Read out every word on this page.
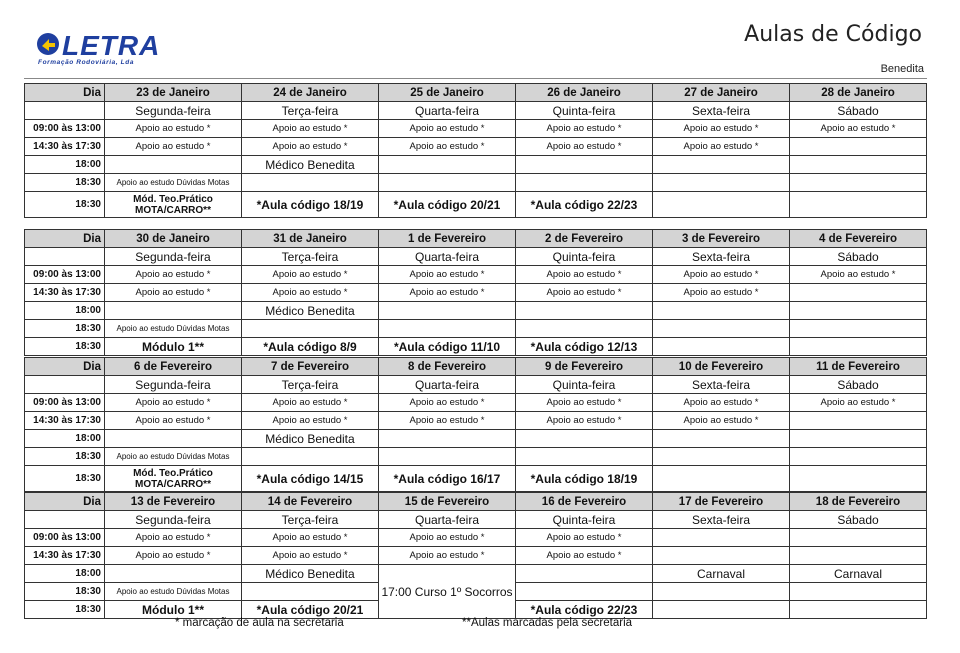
LETRA
Formação Rodoviária, Lda
Aulas de Código
Benedita
Dia	23 de Janeiro	24 de Janeiro	25 de Janeiro	26 de Janeiro	27 de Janeiro	28 de Janeiro
	Segunda-feira	Terça-feira	Quarta-feira	Quinta-feira	Sexta-feira	Sábado
09:00 às 13:00	Apoio ao estudo *	Apoio ao estudo *	Apoio ao estudo *	Apoio ao estudo *	Apoio ao estudo *	Apoio ao estudo *
14:30 às 17:30	Apoio ao estudo *	Apoio ao estudo *	Apoio ao estudo *	Apoio ao estudo *	Apoio ao estudo *	
18:00		Médico Benedita				
18:30	Apoio ao estudo Dúvidas Motas					
18:30	Mód. Teo.Prático
MOTA/CARRO**	*Aula código 18/19	*Aula código 20/21	*Aula código 22/23		
Dia	30 de Janeiro	31 de Janeiro	1 de Fevereiro	2 de Fevereiro	3 de Fevereiro	4 de Fevereiro
	Segunda-feira	Terça-feira	Quarta-feira	Quinta-feira	Sexta-feira	Sábado
09:00 às 13:00	Apoio ao estudo *	Apoio ao estudo *	Apoio ao estudo *	Apoio ao estudo *	Apoio ao estudo *	Apoio ao estudo *
14:30 às 17:30	Apoio ao estudo *	Apoio ao estudo *	Apoio ao estudo *	Apoio ao estudo *	Apoio ao estudo *	
18:00		Médico Benedita				
18:30	Apoio ao estudo Dúvidas Motas					
18:30	Módulo 1**	*Aula código 8/9	*Aula código 11/10	*Aula código 12/13		
Dia	6 de Fevereiro	7 de Fevereiro	8 de Fevereiro	9 de Fevereiro	10 de Fevereiro	11 de Fevereiro
	Segunda-feira	Terça-feira	Quarta-feira	Quinta-feira	Sexta-feira	Sábado
09:00 às 13:00	Apoio ao estudo *	Apoio ao estudo *	Apoio ao estudo *	Apoio ao estudo *	Apoio ao estudo *	Apoio ao estudo *
14:30 às 17:30	Apoio ao estudo *	Apoio ao estudo *	Apoio ao estudo *	Apoio ao estudo *	Apoio ao estudo *	
18:00		Médico Benedita				
18:30	Apoio ao estudo Dúvidas Motas					
18:30	Mód. Teo.Prático
MOTA/CARRO**	*Aula código 14/15	*Aula código 16/17	*Aula código 18/19		
Dia	13 de Fevereiro	14 de Fevereiro	15 de Fevereiro	16 de Fevereiro	17 de Fevereiro	18 de Fevereiro
	Segunda-feira	Terça-feira	Quarta-feira	Quinta-feira	Sexta-feira	Sábado
09:00 às 13:00	Apoio ao estudo *	Apoio ao estudo *	Apoio ao estudo *	Apoio ao estudo *		
14:30 às 17:30	Apoio ao estudo *	Apoio ao estudo *	Apoio ao estudo *	Apoio ao estudo *		
18:00		Médico Benedita	17:00 Curso 1º Socorros		Carnaval	Carnaval
18:30	Apoio ao estudo Dúvidas Motas					
18:30	Módulo 1**	*Aula código 20/21		*Aula código 22/23		
* marcação de aula na secretaria	**Aulas marcadas pela secretaria
